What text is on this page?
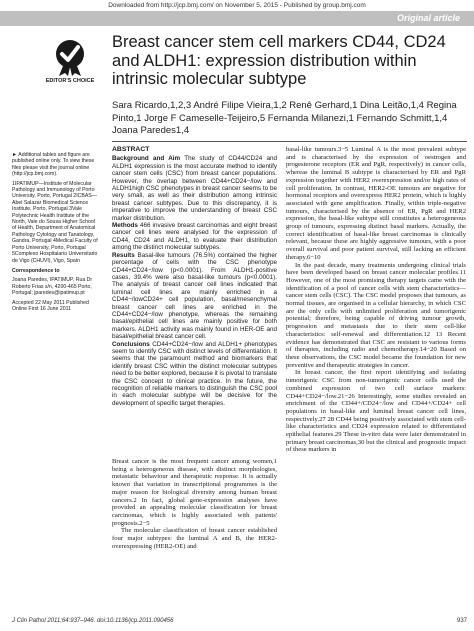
Downloaded from http://jcp.bmj.com/ on November 5, 2015 - Published by group.bmj.com
Original article
EDITOR'S CHOICE
Breast cancer stem cell markers CD44, CD24 and ALDH1: expression distribution within intrinsic molecular subtype
Sara Ricardo,1,2,3 André Filipe Vieira,1,2 Renê Gerhard,1 Dina Leitão,1,4 Regina Pinto,1 Jorge F Cameselle-Teijeiro,5 Fernanda Milanezi,1 Fernando Schmitt,1,4 Joana Paredes1,4

► Additional tables and figure are published online only. To view these files please visit the journal online (http://jcp.bmj.com).

1IPATIMUP—Institute of Molecular Pathology and Immunology of Porto University, Porto, Portugal 2ICBAS—Abel Salazar Biomedical Science Institute, Porto, Portugal 3Vale Polytechnic Health Institute of the North, Vale do Sousa Higher School of Health, Department of Anatomical Pathology Cytology and Tanatology, Gandra, Portugal 4Medical Faculty of Porto University, Porto, Portugal 5Complexo Hospitalario Universitario de Vigo (CHUVI), Vigo, Spain

Correspondence to

Joana Paredes, IPATIMUP, Rua Dr Roberto Frias s/n, 4200-465 Porto, Portugal; jparedes@ipatimup.pt

Accepted 22 May 2011 Published Online First 16 June 2011

ABSTRACT

Background and Aim The study of CD44/CD24 and ALDH1 expression is the most accurate method to identify cancer stem cells (CSC) from breast cancer populations. However, the overlap between CD44+CD24−/low and ALDH1high CSC phenotypes in breast cancer seems to be very small, as well as their distribution among intrinsic breast cancer subtypes. Due to this discrepancy, it is imperative to improve the understanding of breast CSC marker distribution.

Methods 466 invasive breast carcinomas and eight breast cancer cell lines were analysed for the expression of CD44, CD24 and ALDH1, to evaluate their distribution among the distinct molecular subtypes.

Results Basal-like tumours (76.5%) contained the higher percentage of cells with the CSC phenotype CD44+CD24−/low (p<0.0001). From ALDH1-positive cases, 39.4% were also basal-like tumours (p<0.0001). The analysis of breast cancer cell lines indicated that luminal cell lines are mainly enriched in a CD44−/lowCD24+ cell population, basal/mesenchymal breast cancer cell lines are enriched in the CD44+CD24−/low phenotype, whereas the remaining basal/epithelial cell lines are mainly positive for both markers. ALDH1 activity was mainly found in HER-OE and basal/epithelial breast cancer cell.

Conclusions CD44+CD24−/low and ALDH1+ phenotypes seem to identify CSC with distinct levels of differentiation. It seems that the paramount method and biomarkers that identify breast CSC within the distinct molecular subtypes need to be better explored, because it is pivotal to translate the CSC concept to clinical practice. In the future, the recognition of reliable markers to distinguish the CSC pool in each molecular subtype will be decisive for the development of specific target therapies.

Breast cancer is the most frequent cancer among women,1 being a heterogeneous disease, with distinct morphologies, metastatic behaviour and therapeutic response. It is actually known that variation in transcriptional programmes is the major reason for biological diversity among human breast cancers.2 In fact, global gene-expression analyses have provided an appealing molecular classification for breast carcinomas, which is highly associated with patients' prognosis.2−5

The molecular classification of breast cancer established four major subtypes: the luminal A and B, the HER2-overexpressing (HER2-OE) and

basal-like tumours.3−5 Luminal A is the most prevalent subtype and is characterised by the expression of oestrogen and progesterone receptors (ER and PgR, respectively) in cancer cells, whereas the luminal B subtype is characterised by ER and PgR expression together with HER2 overexpression and/or high rates of cell proliferation. In contrast, HER2-OE tumours are negative for hormonal receptors and overexpress HER2 protein, which is highly associated with gene amplification. Finally, within triple-negative tumours, characterised by the absence of ER, PgR and HER2 expression, the basal-like subtype still constitutes a heterogeneous group of tumours, expressing distinct basal markers. Actually, the correct identification of basal-like breast carcinomas is clinically relevant, because these are highly aggressive tumours, with a poor overall survival and poor patient survival, still lacking an efficient therapy.6−10

In the past decade, many treatments undergoing clinical trials have been developed based on breast cancer molecular profiles.11 However, one of the most promising therapy targets came with the identification of a pool of cancer cells with stem characteristics—cancer stem cells (CSC). The CSC model proposes that tumours, as normal tissues, are organised in a cellular hierarchy, in which CSC are the only cells with unlimited proliferation and tumorigenic potential; therefore, being capable of driving tumour growth, progression and metastasis due to their stem cell-like characteristics: self-renewal and differentiation.12 13 Recent evidence has demonstrated that CSC are resistant to various forms of therapies, including radio and chemotherapy.14−20 Based on these observations, the CSC model became the foundation for new preventive and therapeutic strategies in cancer.

In breast cancer, the first report identifying and isolating tumorigenic CSC from non-tumorigenic cancer cells used the combined expression of two cell surface markers: CD44+CD24−/low.21−26 Interestingly, some studies revealed an enrichment of the CD44+/CD24−/low and CD44+/CD24+ cell populations in basal-like and luminal breast cancer cell lines, respectively.27 28 CD44 being positively associated with stem cell-like characteristics and CD24 expression related to differentiated epithelial features.29 These in-vitro data were later demonstrated in primary breast carcinomas,30 but the clinical and prognostic impact of these markers in

J Clin Pathol 2011;64:937–946. doi:10.1136/jcp.2011.090456	937
